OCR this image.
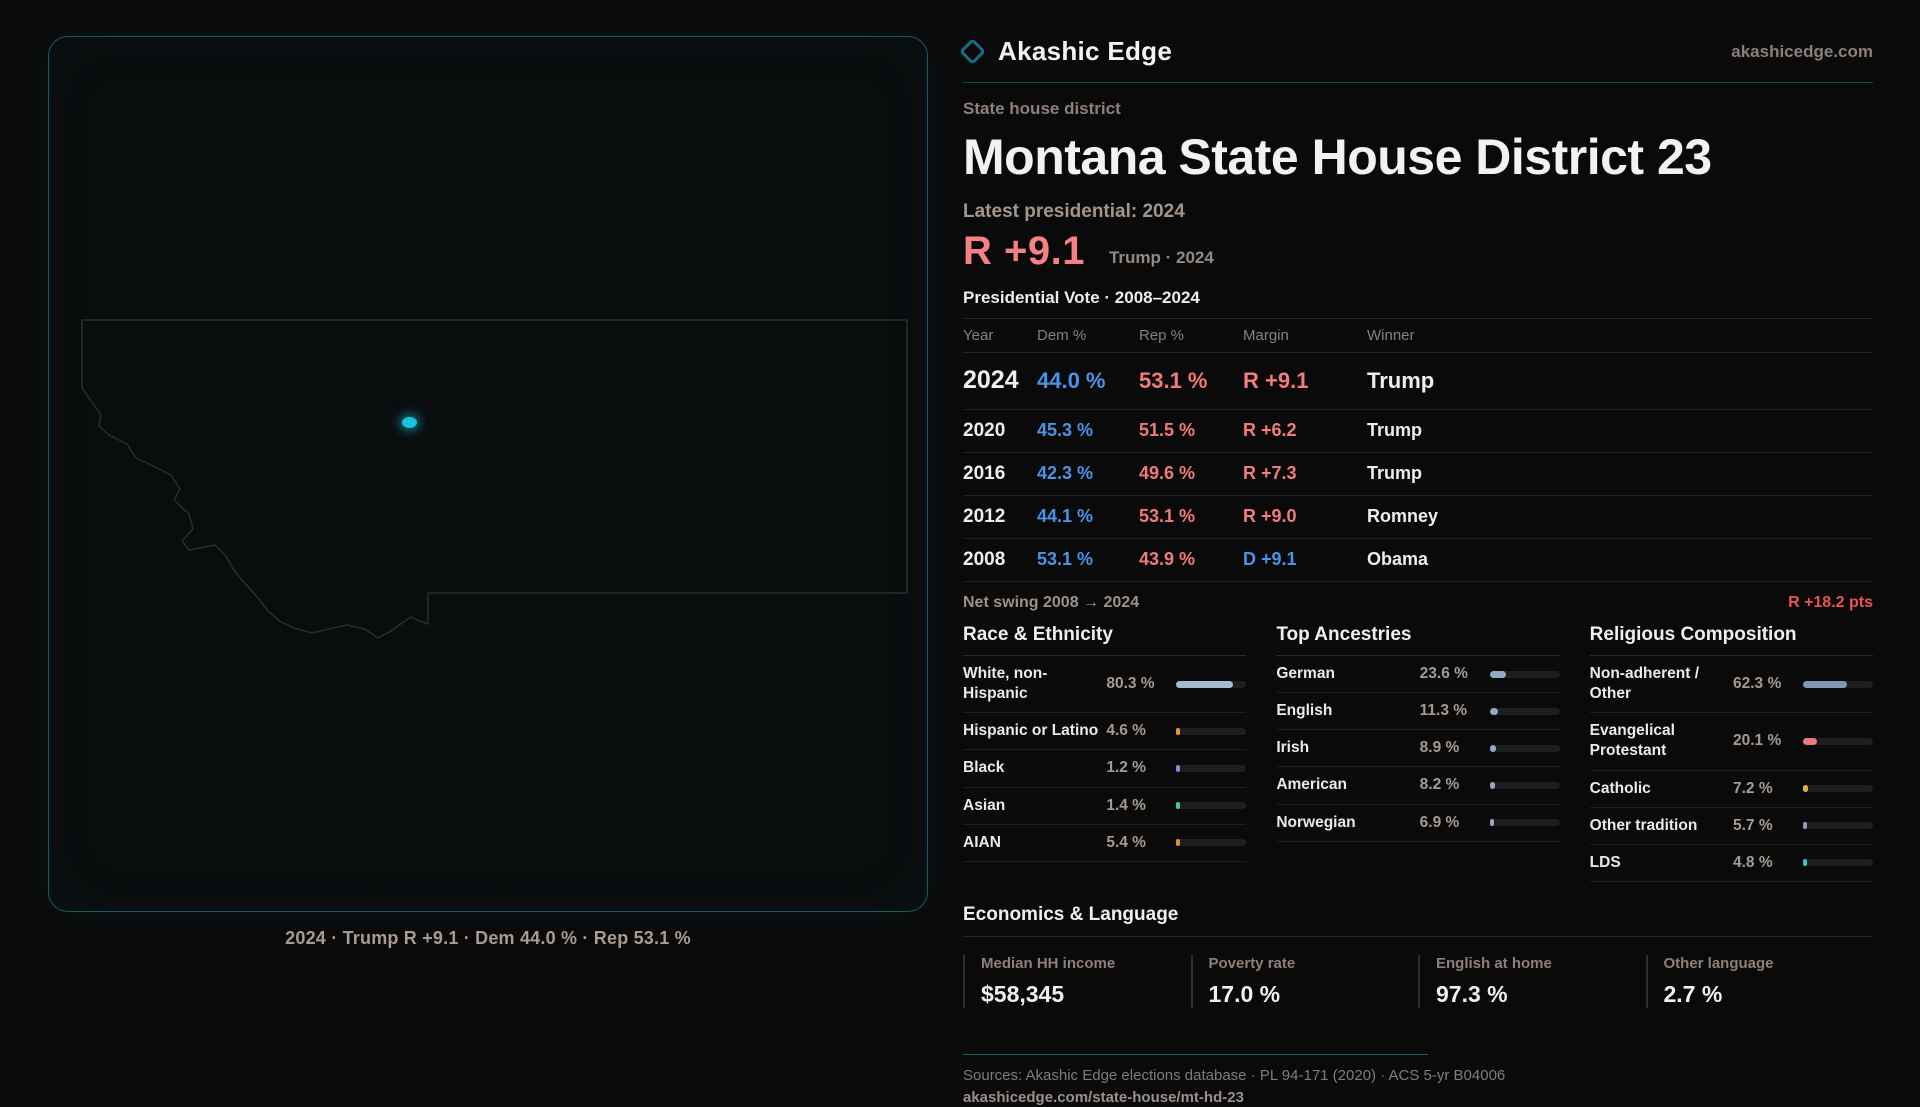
2024 · Trump R +9.1 · Dem 44.0 % · Rep 53.1 %
Akashic Edge	akashicedge.com
State house district
Montana State House District 23
Latest presidential: 2024
R +9.1 Trump · 2024
Presidential Vote · 2008–2024
Year	Dem %	Rep %	Margin	Winner
2024 44.0 %	53.1 %	R +9.1	Trump
2020	45.3 %	51.5 %	R +6.2	Trump
2016	42.3 %	49.6 %	R +7.3	Trump
2012	44.1 %	53.1 %	R +9.0	Romney
2008	53.1 %	43.9 %	D +9.1	Obama
Net swing 2008 → 2024	R +18.2 pts
Race & Ethnicity
White, non-Hispanic
80.3 %
Hispanic or Latino 4.6 %
Black	1.2 %
Asian	1.4 %
AIAN	5.4 %
Top Ancestries
German	23.6 %
English	11.3 %
Irish	8.9 %
American	8.2 %
Norwegian	6.9 %
Religious Composition
Non-adherent / Other
62.3 %
Evangelical Protestant
20.1 %
Catholic	7.2 %
Other tradition	5.7 %
LDS	4.8 %
Economics & Language
Median HH income
$58,345
Poverty rate
17.0 %
English at home
97.3 %
Other language
2.7 %
Sources: Akashic Edge elections database · PL 94-171 (2020) · ACS 5-yr B04006
akashicedge.com/state-house/mt-hd-23
